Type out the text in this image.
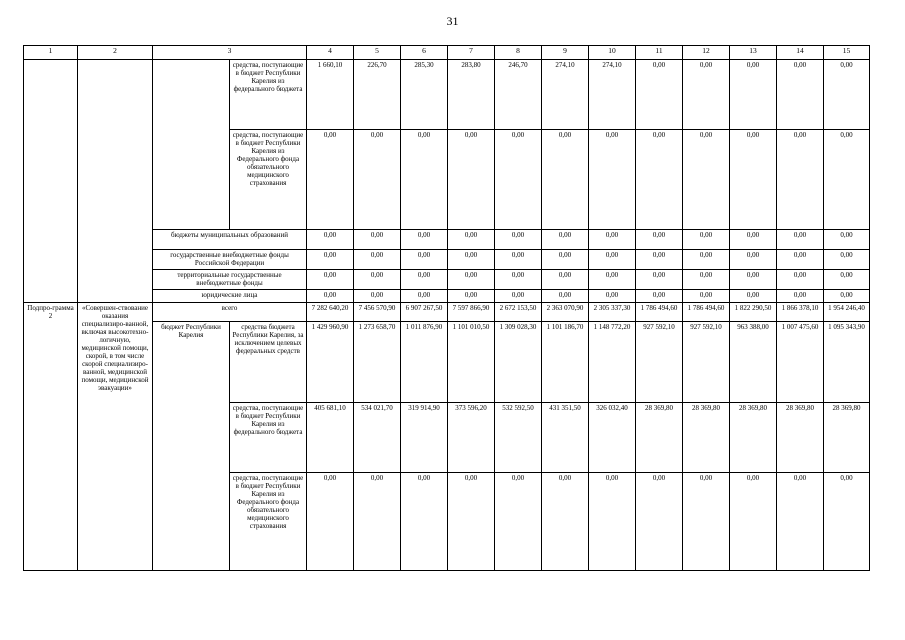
31
1	2	3		4	5	6	7	8	9	10	11	12	13	14	15
			средства, поступающие в бюджет Республики Карелия из федерального бюджета	1 660,10	226,70	285,30	283,80	246,70	274,10	274,10	0,00	0,00	0,00	0,00	0,00
			средства, поступающие в бюджет Республики Карелия из Федерального фонда обязательного медицинского страхования	0,00	0,00	0,00	0,00	0,00	0,00	0,00	0,00	0,00	0,00	0,00	0,00
		бюджеты муниципальных образований		0,00	0,00	0,00	0,00	0,00	0,00	0,00	0,00	0,00	0,00	0,00	0,00
		государственные внебюджетные фонды Российской Федерации		0,00	0,00	0,00	0,00	0,00	0,00	0,00	0,00	0,00	0,00	0,00	0,00
		территориальные государственные внебюджетные фонды		0,00	0,00	0,00	0,00	0,00	0,00	0,00	0,00	0,00	0,00	0,00	0,00
		юридические лица		0,00	0,00	0,00	0,00	0,00	0,00	0,00	0,00	0,00	0,00	0,00	0,00
Подпро-грамма 2	«Совершен-ствование оказания специализиро-ванной, включая высокотехно-логичную, медицинской помощи, скорой, в том числе скорой специализиро-ванной, медицинской помощи, медицинской эвакуации»	всего		7 282 640,20	7 456 570,90	6 907 267,50	7 597 866,90	2 672 153,50	2 363 070,90	2 305 337,30	1 786 494,60	1 786 494,60	1 822 290,50	1 866 378,10	1 954 246,40
		бюджет Республики Карелия	средства бюджета Республики Карелия, за исключением целевых федеральных средств	1 429 960,90	1 273 658,70	1 011 876,90	1 101 010,50	1 309 028,30	1 101 186,70	1 148 772,20	927 592,10	927 592,10	963 388,00	1 007 475,60	1 095 343,90
			средства, поступающие в бюджет Республики Карелия из федерального бюджета	405 681,10	534 021,70	319 914,90	373 596,20	532 592,50	431 351,50	326 032,40	28 369,80	28 369,80	28 369,80	28 369,80	28 369,80
			средства, поступающие в бюджет Республики Карелия из Федерального фонда обязательного медицинского страхования	0,00	0,00	0,00	0,00	0,00	0,00	0,00	0,00	0,00	0,00	0,00	0,00
